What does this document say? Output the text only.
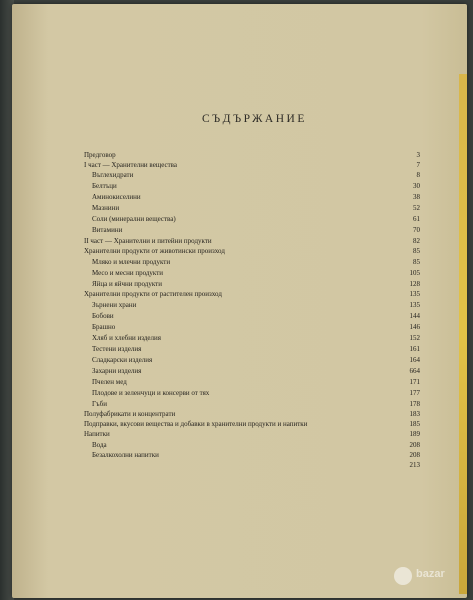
СЪДЪРЖАНИЕ
Предговор	3
І част — Хранителни вещества	7
Въглехидрати	8
Белтъци	30
Аминокиселини	38
Мазнини	52
Соли (минерални вещества)	61
Витамини	70
ІІ част — Хранителни и питейни продукти	82
Хранителни продукти от животински произход	85
Мляко и млечни продукти	85
Месо и месни продукти	105
Яйца и яйчни продукти	128
Хранителни продукти от растителен произход	135
Зърнени храни	135
Бобови	144
Брашно	146
Хляб и хлебни изделия	152
Тестени изделия	161
Сладкарски изделия	164
Захарни изделия	664
Пчелен мед	171
Плодове и зеленчуци и консерви от тях	177
Гъби	178
Полуфабрикати и концентрати	183
Подправки, вкусови вещества и добавки в хранителни продукти и напитки	185
Напитки	189
Вода	208
Безалкохолни напитки	208
213
bazar
